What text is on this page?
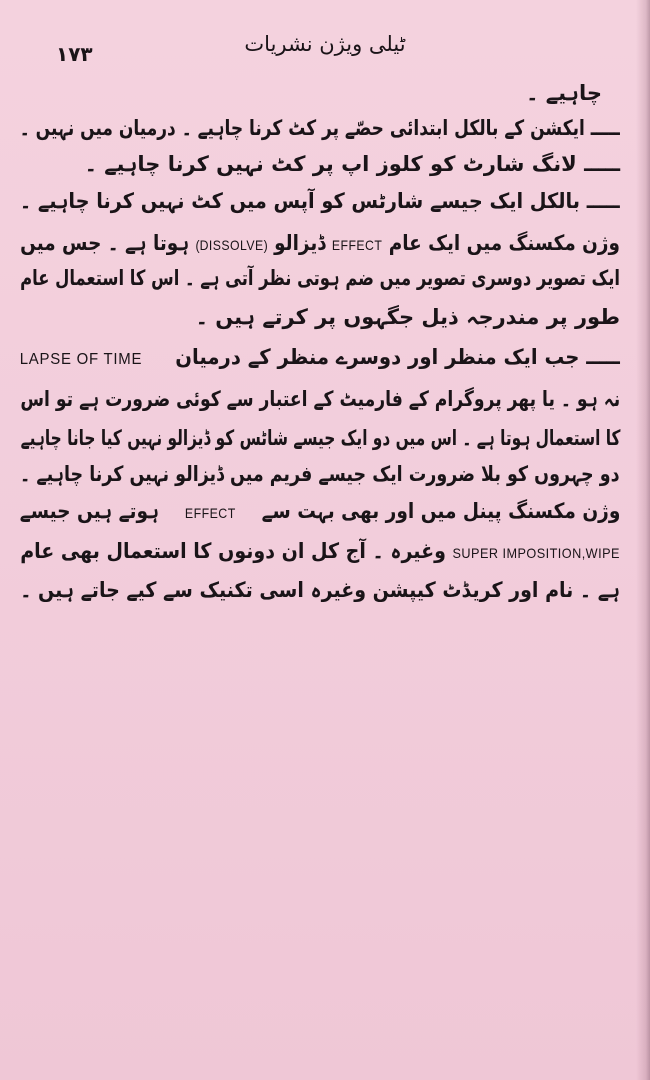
۱۷۳	ٹیلی ویژن نشریات
چاہیے ۔
ـــــ ایکشن کے بالکل ابتدائی حصّے پر کٹ کرنا چاہیے ۔ درمیان میں نہیں ۔
ـــــ لانگ شارٹ کو کلوز اپ پر کٹ نہیں کرنا چاہیے ۔
ـــــ بالکل ایک جیسے شارٹس کو آپس میں کٹ نہیں کرنا چاہیے ۔
وژن مکسنگ میں ایک عام EFFECT ڈیزالو (DISSOLVE) ہوتا ہے ۔ جس میں
ایک تصویر دوسری تصویر میں ضم ہوتی نظر آتی ہے ۔ اس کا استعمال عام
طور پر مندرجہ ذیل جگہوں پر کرتے ہیں ۔
ـــــ جب ایک منظر اور دوسرے منظر کے درمیان LAPSE OF TIME
نہ ہو ۔ یا پھر پروگرام کے فارمیٹ کے اعتبار سے کوئی ضرورت ہے تو اس
کا استعمال ہوتا ہے ۔ اس میں دو ایک جیسے شاٹس کو ڈیزالو نہیں کیا جانا چاہیے
دو چہروں کو بلا ضرورت ایک جیسے فریم میں ڈیزالو نہیں کرنا چاہیے ۔
وژن مکسنگ پینل میں اور بھی بہت سے EFFECT ہوتے ہیں جیسے
SUPER IMPOSITION,WIPE وغیرہ ۔ آج کل ان دونوں کا استعمال بھی عام
ہے ۔ نام اور کریڈٹ کیپشن وغیرہ اسی تکنیک سے کیے جاتے ہیں ۔
